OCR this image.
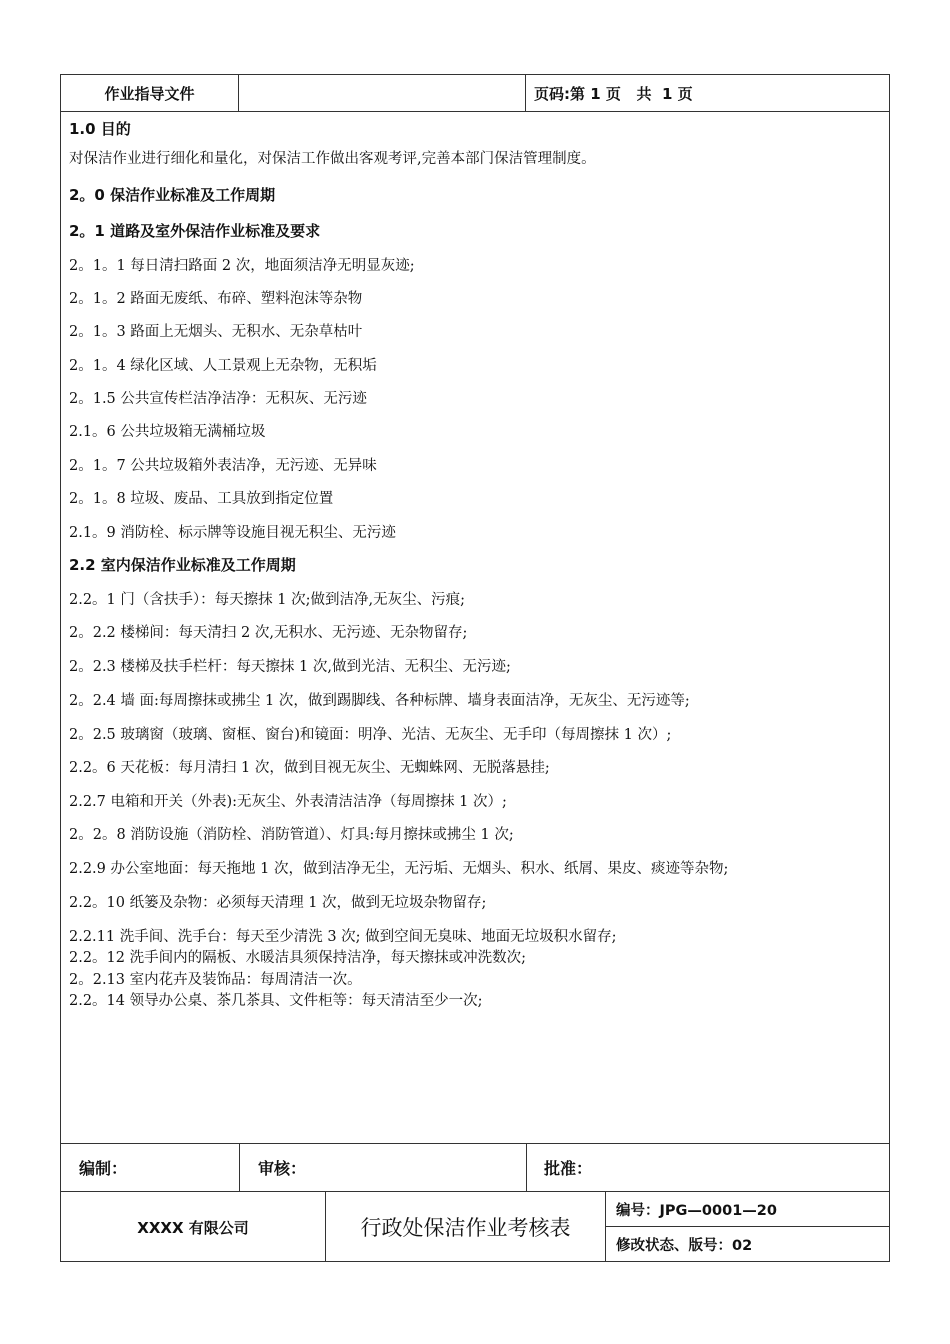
作业指导文件	页码:第 1 页   共  1 页
1.0 目的
对保洁作业进行细化和量化，对保洁工作做出客观考评,完善本部门保洁管理制度。
2。0 保洁作业标准及工作周期
2。1 道路及室外保洁作业标准及要求
2。1。1 每日清扫路面 2 次，地面须洁净无明显灰迹;
2。1。2 路面无废纸、布碎、塑料泡沫等杂物
2。1。3 路面上无烟头、无积水、无杂草枯叶
2。1。4 绿化区域、人工景观上无杂物，无积垢
2。1.5 公共宣传栏洁净洁净：无积灰、无污迹
2.1。6 公共垃圾箱无满桶垃圾
2。1。7 公共垃圾箱外表洁净，无污迹、无异味
2。1。8 垃圾、废品、工具放到指定位置
2.1。9 消防栓、标示牌等设施目视无积尘、无污迹
2.2 室内保洁作业标准及工作周期
2.2。1 门（含扶手）：每天擦抹 1 次;做到洁净,无灰尘、污痕;
2。2.2 楼梯间：每天清扫 2 次,无积水、无污迹、无杂物留存;
2。2.3 楼梯及扶手栏杆：每天擦抹 1 次,做到光洁、无积尘、无污迹;
2。2.4 墙 面:每周擦抹或拂尘 1 次，做到踢脚线、各种标牌、墙身表面洁净，无灰尘、无污迹等;
2。2.5 玻璃窗（玻璃、窗框、窗台)和镜面：明净、光洁、无灰尘、无手印（每周擦抹 1 次）;
2.2。6 天花板：每月清扫 1 次，做到目视无灰尘、无蜘蛛网、无脱落悬挂;
2.2.7 电箱和开关（外表):无灰尘、外表清洁洁净（每周擦抹 1 次）;
2。2。8 消防设施（消防栓、消防管道）、灯具:每月擦抹或拂尘 1 次;
2.2.9 办公室地面：每天拖地 1 次，做到洁净无尘，无污垢、无烟头、积水、纸屑、果皮、痰迹等杂物;
2.2。10 纸篓及杂物：必须每天清理 1 次，做到无垃圾杂物留存;
2.2.11 洗手间、洗手台：每天至少清洗 3 次; 做到空间无臭味、地面无垃圾积水留存;
2.2。12 洗手间内的隔板、水暖洁具须保持洁净，每天擦抹或冲洗数次;
2。2.13 室内花卉及装饰品：每周清洁一次。
2.2。14 领导办公桌、茶几茶具、文件柜等：每天清洁至少一次;
编制：	审核：	批准：
XXXX 有限公司	行政处保洁作业考核表
编号：JPG—0001—20
修改状态、版号：02
